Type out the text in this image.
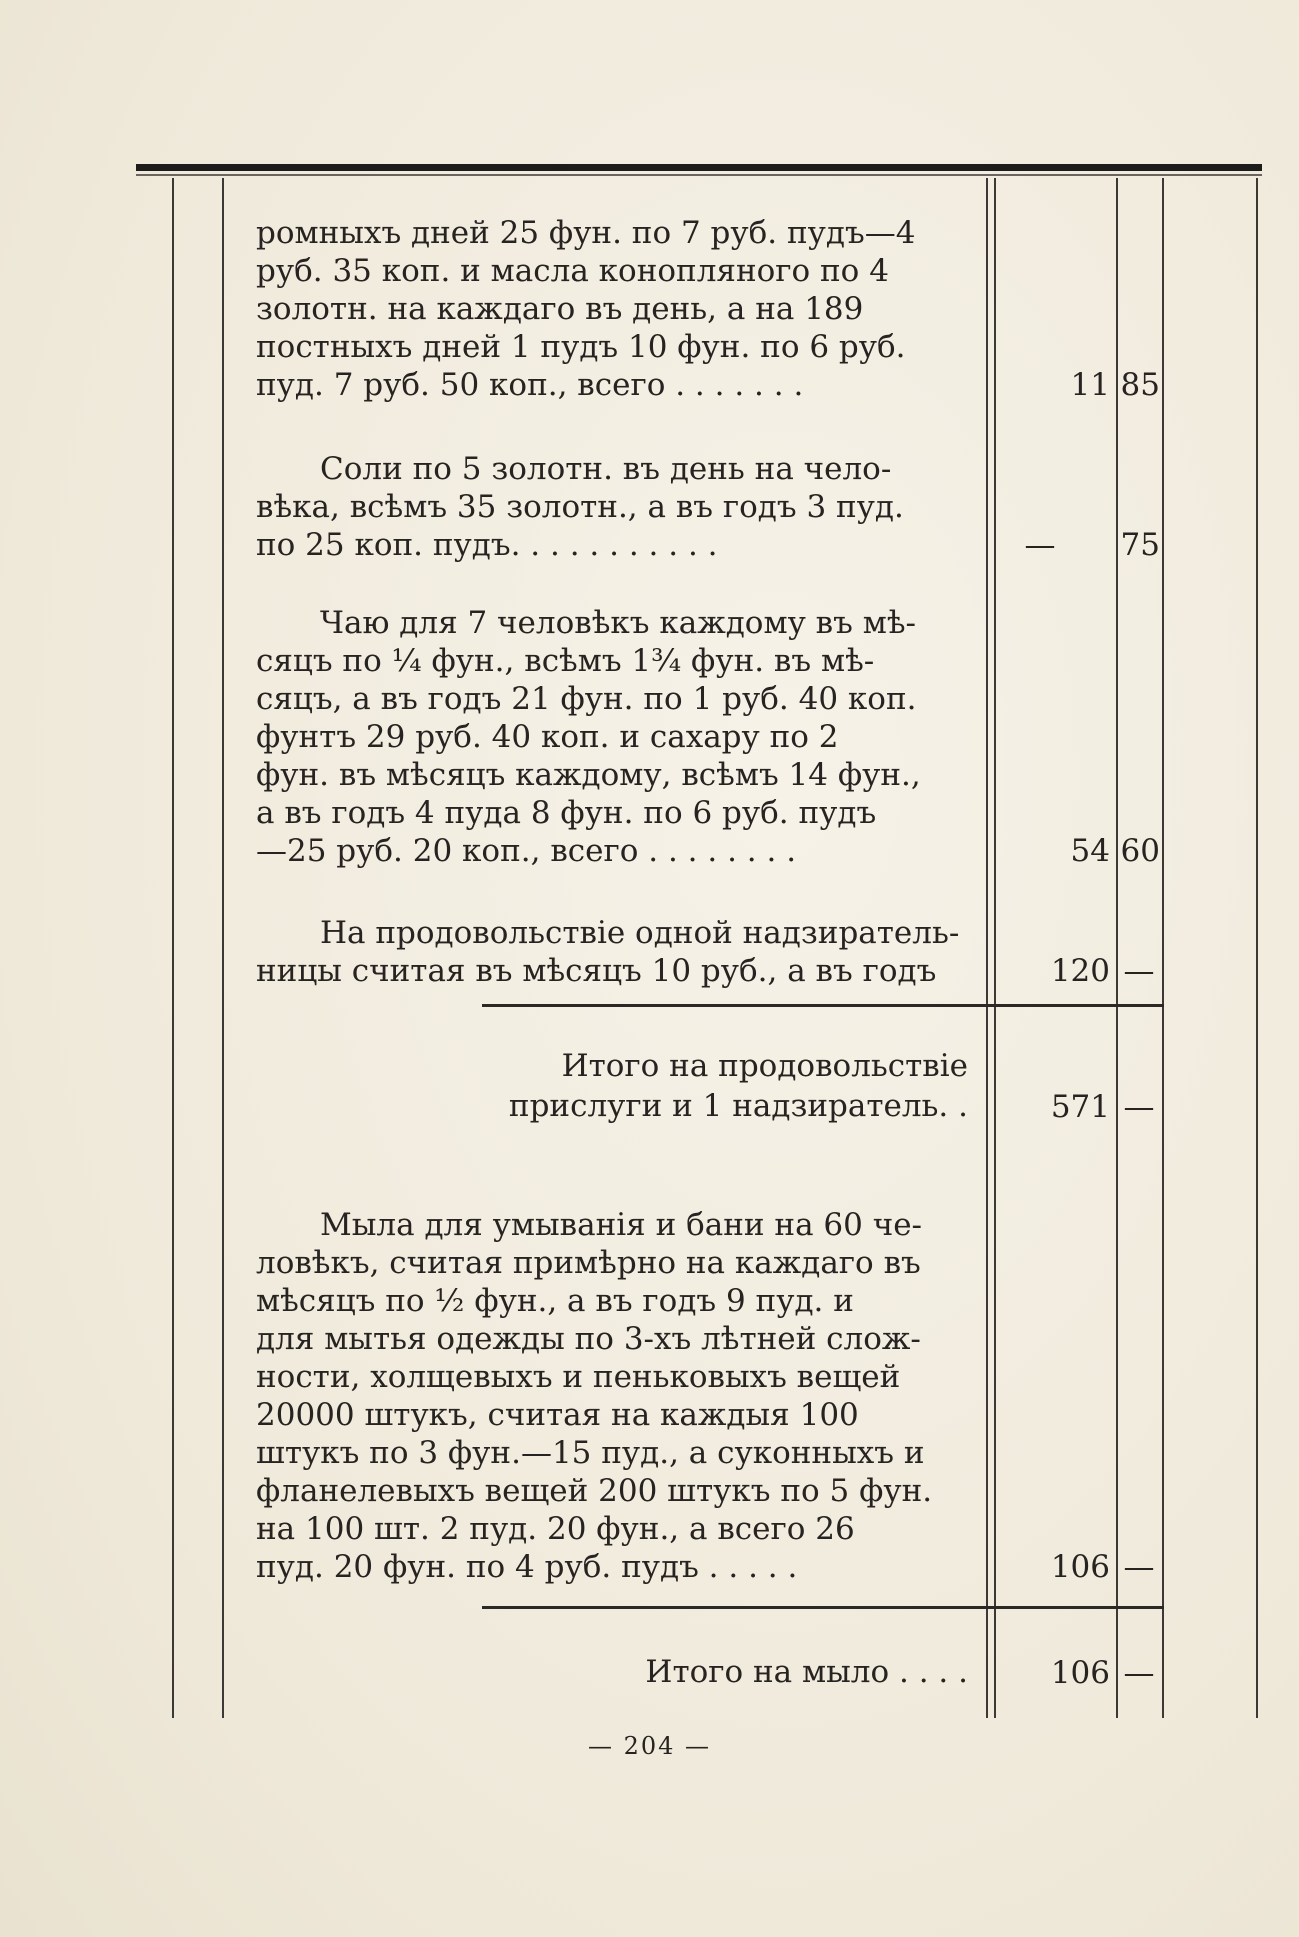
ромныхъ дней 25 фун. по 7 руб. пудъ—4
руб. 35 коп. и масла конопляного по 4
золотн. на каждаго въ день, а на 189
постныхъ дней 1 пудъ 10 фун. по 6 руб.
пуд. 7 руб. 50 коп., всего . . . . . . .	11 85
Соли по 5 золотн. въ день на чело-
вѣка, всѣмъ 35 золотн., а въ годъ 3 пуд.
по 25 коп. пудъ. . . . . . . . . . .	—	75
Чаю для 7 человѣкъ каждому въ мѣ-
сяцъ по ¼ фун., всѣмъ 1¾ фун. въ мѣ-
сяцъ, а въ годъ 21 фун. по 1 руб. 40 коп.
фунтъ 29 руб. 40 коп. и сахару по 2
фун. въ мѣсяцъ каждому, всѣмъ 14 фун.,
а въ годъ 4 пуда 8 фун. по 6 руб. пудъ
—25 руб. 20 коп., всего . . . . . . . .	54 60
На продовольствіе одной надзиратель-
ницы считая въ мѣсяцъ 10 руб., а въ годъ	120 —
Итого на продовольствіе
прислуги и 1 надзиратель. .	571 —
Мыла для умыванія и бани на 60 че-
ловѣкъ, считая примѣрно на каждаго въ
мѣсяцъ по ½ фун., а въ годъ 9 пуд. и
для мытья одежды по 3-хъ лѣтней слож-
ности, холщевыхъ и пеньковыхъ вещей
20000 штукъ, считая на каждыя 100
штукъ по 3 фун.—15 пуд., а суконныхъ и
фланелевыхъ вещей 200 штукъ по 5 фун.
на 100 шт. 2 пуд. 20 фун., а всего 26
пуд. 20 фун. по 4 руб. пудъ . . . . .	106 —
Итого на мыло . . . .	106 —
— 204 —
